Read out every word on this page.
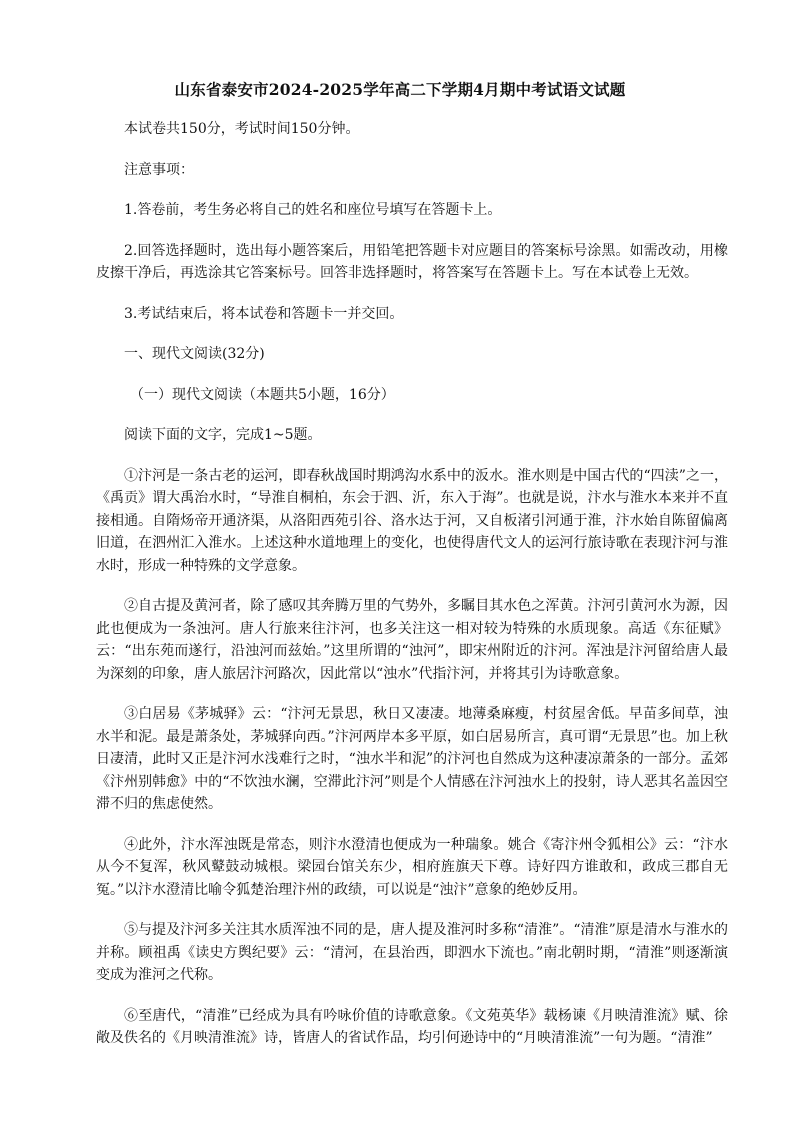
山东省泰安市2024-2025学年高二下学期4月期中考试语文试题

本试卷共150分，考试时间150分钟。

注意事项：

1.答卷前，考生务必将自己的姓名和座位号填写在答题卡上。

2.回答选择题时，选出每小题答案后，用铅笔把答题卡对应题目的答案标号涂黑。如需改动，用橡皮擦干净后，再选涂其它答案标号。回答非选择题时，将答案写在答题卡上。写在本试卷上无效。

3.考试结束后，将本试卷和答题卡一并交回。

一、现代文阅读(32分)

（一）现代文阅读（本题共5小题，16分）

阅读下面的文字，完成1~5题。

①汴河是一条古老的运河，即春秋战国时期鸿沟水系中的汳水。淮水则是中国古代的“四渎”之一，《禹贡》谓大禹治水时，“导淮自桐柏，东会于泗、沂，东入于海”。也就是说，汴水与淮水本来并不直接相通。自隋炀帝开通济渠，从洛阳西苑引谷、洛水达于河，又自板渚引河通于淮，汴水始自陈留偏离旧道，在泗州汇入淮水。上述这种水道地理上的变化，也使得唐代文人的运河行旅诗歌在表现汴河与淮水时，形成一种特殊的文学意象。

②自古提及黄河者，除了感叹其奔腾万里的气势外，多瞩目其水色之浑黄。汴河引黄河水为源，因此也便成为一条浊河。唐人行旅来往汴河，也多关注这一相对较为特殊的水质现象。高适《东征赋》云：“出东苑而遂行，沿浊河而兹始。”这里所谓的“浊河”，即宋州附近的汴河。浑浊是汴河留给唐人最为深刻的印象，唐人旅居汴河路次，因此常以“浊水”代指汴河，并将其引为诗歌意象。

③白居易《茅城驿》云：“汴河无景思，秋日又凄凄。地薄桑麻瘦，村贫屋舍低。早苗多间草，浊水半和泥。最是萧条处，茅城驿向西。”汴河两岸本多平原，如白居易所言，真可谓“无景思”也。加上秋日凄清，此时又正是汴河水浅难行之时，“浊水半和泥”的汴河也自然成为这种凄凉萧条的一部分。孟郊《汴州别韩愈》中的“不饮浊水澜，空滞此汴河”则是个人情感在汴河浊水上的投射，诗人恶其名盖因空滞不归的焦虑使然。

④此外，汴水浑浊既是常态，则汴水澄清也便成为一种瑞象。姚合《寄汴州令狐相公》云：“汴水从今不复浑，秋风鼙鼓动城根。梁园台馆关东少，相府旌旗天下尊。诗好四方谁敢和，政成三郡自无冤。”以汴水澄清比喻令狐楚治理汴州的政绩，可以说是“浊汴”意象的绝妙反用。

⑤与提及汴河多关注其水质浑浊不同的是，唐人提及淮河时多称“清淮”。“清淮”原是清水与淮水的并称。顾祖禹《读史方舆纪要》云：“清河，在县治西，即泗水下流也。”南北朝时期，“清淮”则逐渐演变成为淮河之代称。

⑥至唐代，“清淮”已经成为具有吟咏价值的诗歌意象。《文苑英华》载杨谏《月映清淮流》赋、徐敞及佚名的《月映清淮流》诗，皆唐人的省试作品，均引何逊诗中的“月映清淮流”一句为题。“清淮”
